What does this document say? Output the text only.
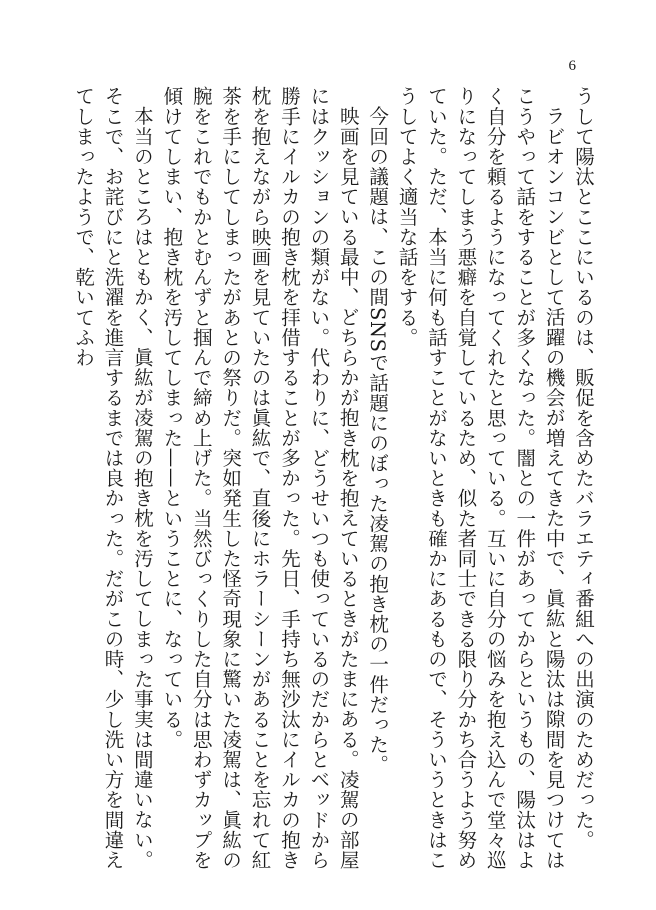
6

うして陽汰とここにいるのは、販促を含めたバラエティ番組への出演のためだった。

ラビオンコンビとして活躍の機会が増えてきた中で、眞紘と陽汰は隙間を見つけてはこうやって話をすることが多くなった。闇との一件があってからというもの、陽汰はよく自分を頼るようになってくれたと思っている。互いに自分の悩みを抱え込んで堂々巡りになってしまう悪癖を自覚しているため、似た者同士できる限り分かち合うよう努めていた。ただ、本当に何も話すことがないときも確かにあるもので、そういうときはこうしてよく適当な話をする。

今回の議題は、この間SNSで話題にのぼった凌駕の抱き枕の一件だった。

映画を見ている最中、どちらかが抱き枕を抱えているときがたまにある。凌駕の部屋にはクッションの類がない。代わりに、どうせいつも使っているのだからとベッドから勝手にイルカの抱き枕を拝借することが多かった。先日、手持ち無沙汰にイルカの抱き枕を抱えながら映画を見ていたのは眞紘で、直後にホラーシーンがあることを忘れて紅茶を手にしてしまったがあとの祭りだ。突如発生した怪奇現象に驚いた凌駕は、眞紘の腕をこれでもかとむんずと掴んで締め上げた。当然びっくりした自分は思わずカップを傾けてしまい、抱き枕を汚してしまった——ということに、なっている。

本当のところはともかく、眞紘が凌駕の抱き枕を汚してしまった事実は間違いない。そこで、お詫びにと洗濯を進言するまでは良かった。だがこの時、少し洗い方を間違えてしまったようで、乾いてふわ
